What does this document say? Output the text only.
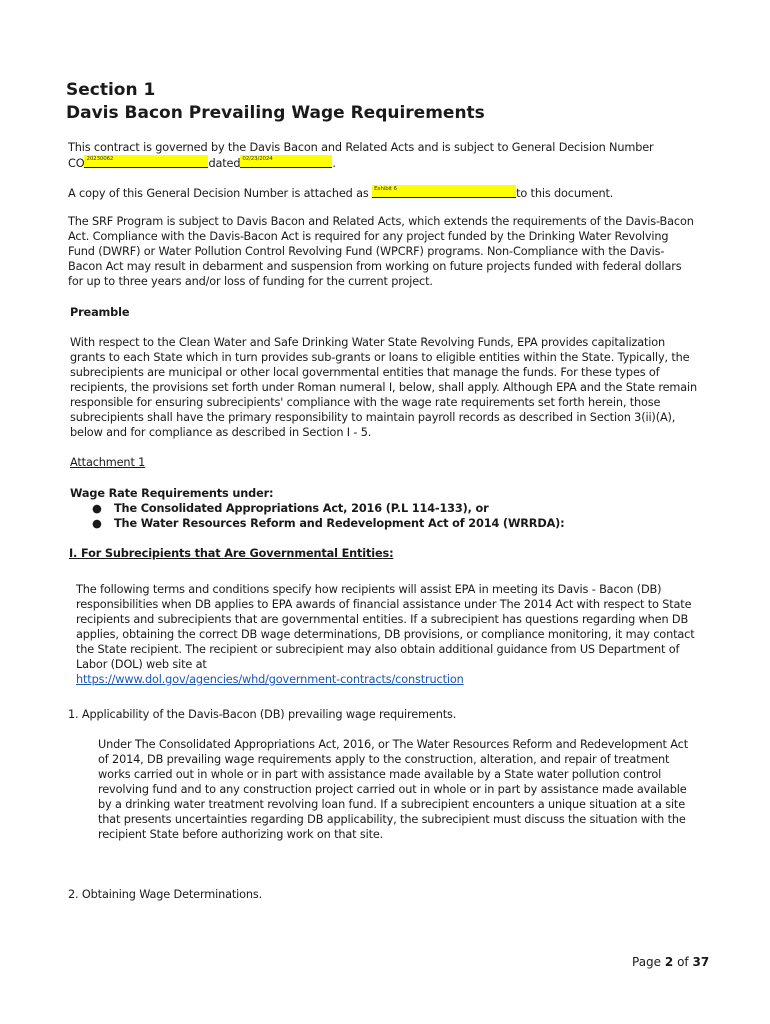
Section 1
Davis Bacon Prevailing Wage Requirements
This contract is governed by the Davis Bacon and Related Acts and is subject to General Decision Number
CO 20230062	dated 02/23/2024	.
A copy of this General Decision Number is attached as Exhibit 6	to this document.
The SRF Program is subject to Davis Bacon and Related Acts, which extends the requirements of the Davis-Bacon Act. Compliance with the Davis-Bacon Act is required for any project funded by the Drinking Water Revolving Fund (DWRF) or Water Pollution Control Revolving Fund (WPCRF) programs. Non-Compliance with the Davis-Bacon Act may result in debarment and suspension from working on future projects funded with federal dollars for up to three years and/or loss of funding for the current project.
Preamble
With respect to the Clean Water and Safe Drinking Water State Revolving Funds, EPA provides capitalization grants to each State which in turn provides sub-grants or loans to eligible entities within the State. Typically, the subrecipients are municipal or other local governmental entities that manage the funds. For these types of recipients, the provisions set forth under Roman numeral I, below, shall apply. Although EPA and the State remain responsible for ensuring subrecipients' compliance with the wage rate requirements set forth herein, those subrecipients shall have the primary responsibility to maintain payroll records as described in Section 3(ii)(A), below and for compliance as described in Section I - 5.
Attachment 1
Wage Rate Requirements under:
● The Consolidated Appropriations Act, 2016 (P.L 114-133), or
● The Water Resources Reform and Redevelopment Act of 2014 (WRRDA):
I. For Subrecipients that Are Governmental Entities:
The following terms and conditions specify how recipients will assist EPA in meeting its Davis - Bacon (DB) responsibilities when DB applies to EPA awards of financial assistance under The 2014 Act with respect to State recipients and subrecipients that are governmental entities. If a subrecipient has questions regarding when DB applies, obtaining the correct DB wage determinations, DB provisions, or compliance monitoring, it may contact the State recipient. The recipient or subrecipient may also obtain additional guidance from US Department of Labor (DOL) web site at
https://www.dol.gov/agencies/whd/government-contracts/construction
1. Applicability of the Davis-Bacon (DB) prevailing wage requirements.
Under The Consolidated Appropriations Act, 2016, or The Water Resources Reform and Redevelopment Act of 2014, DB prevailing wage requirements apply to the construction, alteration, and repair of treatment works carried out in whole or in part with assistance made available by a State water pollution control revolving fund and to any construction project carried out in whole or in part by assistance made available by a drinking water treatment revolving loan fund. If a subrecipient encounters a unique situation at a site that presents uncertainties regarding DB applicability, the subrecipient must discuss the situation with the recipient State before authorizing work on that site.
2. Obtaining Wage Determinations.
Page 2 of 37
